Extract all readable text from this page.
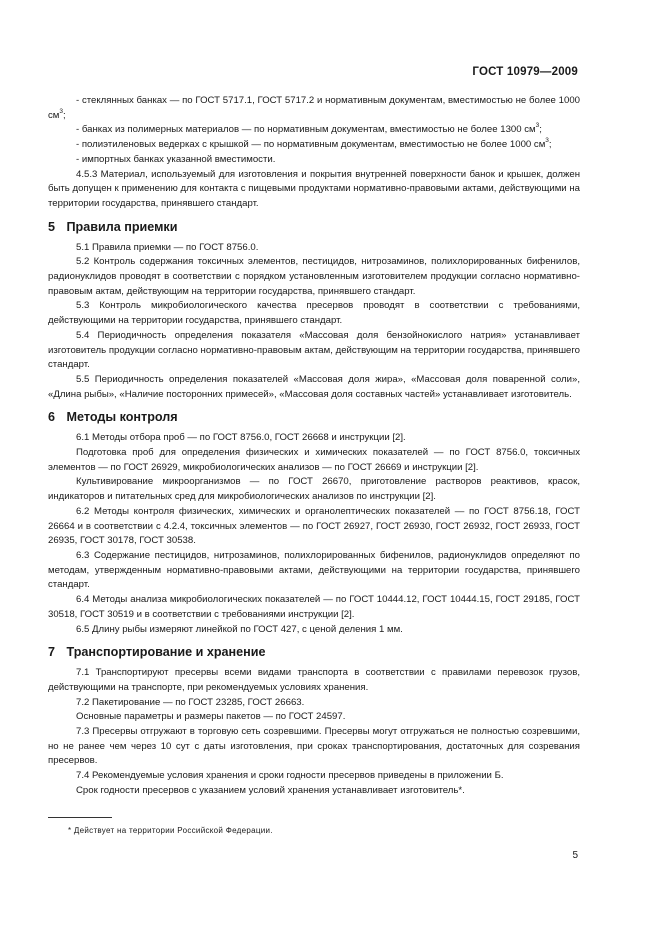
ГОСТ 10979—2009

- стеклянных банках — по ГОСТ 5717.1, ГОСТ 5717.2 и нормативным документам, вместимостью не более 1000 $см^3$;

- банках из полимерных материалов — по нормативным документам, вместимостью не более 1300 $см^3$;

- полиэтиленовых ведерках с крышкой — по нормативным документам, вместимостью не более 1000 $см^3$;

- импортных банках указанной вместимости.

4.5.3 Материал, используемый для изготовления и покрытия внутренней поверхности банок и крышек, должен быть допущен к применению для контакта с пищевыми продуктами нормативно-правовыми актами, действующими на территории государства, принявшего стандарт.

5 Правила приемки

5.1 Правила приемки — по ГОСТ 8756.0.

5.2 Контроль содержания токсичных элементов, пестицидов, нитрозаминов, полихлорированных бифенилов, радионуклидов проводят в соответствии с порядком установленным изготовителем продукции согласно нормативно-правовым актам, действующим на территории государства, принявшего стандарт.

5.3 Контроль микробиологического качества пресервов проводят в соответствии с требованиями, действующими на территории государства, принявшего стандарт.

5.4 Периодичность определения показателя «Массовая доля бензойнокислого натрия» устанавливает изготовитель продукции согласно нормативно-правовым актам, действующим на территории государства, принявшего стандарт.

5.5 Периодичность определения показателей «Массовая доля жира», «Массовая доля поваренной соли», «Длина рыбы», «Наличие посторонних примесей», «Массовая доля составных частей» устанавливает изготовитель.

6 Методы контроля

6.1 Методы отбора проб — по ГОСТ 8756.0, ГОСТ 26668 и инструкции [2].

Подготовка проб для определения физических и химических показателей — по ГОСТ 8756.0, токсичных элементов — по ГОСТ 26929, микробиологических анализов — по ГОСТ 26669 и инструкции [2].

Культивирование микроорганизмов — по ГОСТ 26670, приготовление растворов реактивов, красок, индикаторов и питательных сред для микробиологических анализов по инструкции [2].

6.2 Методы контроля физических, химических и органолептических показателей — по ГОСТ 8756.18, ГОСТ 26664 и в соответствии с 4.2.4, токсичных элементов — по ГОСТ 26927, ГОСТ 26930, ГОСТ 26932, ГОСТ 26933, ГОСТ 26935, ГОСТ 30178, ГОСТ 30538.

6.3 Содержание пестицидов, нитрозаминов, полихлорированных бифенилов, радионуклидов определяют по методам, утвержденным нормативно-правовыми актами, действующими на территории государства, принявшего стандарт.

6.4 Методы анализа микробиологических показателей — по ГОСТ 10444.12, ГОСТ 10444.15, ГОСТ 29185, ГОСТ 30518, ГОСТ 30519 и в соответствии с требованиями инструкции [2].

6.5 Длину рыбы измеряют линейкой по ГОСТ 427, с ценой деления 1 мм.

7 Транспортирование и хранение

7.1 Транспортируют пресервы всеми видами транспорта в соответствии с правилами перевозок грузов, действующими на транспорте, при рекомендуемых условиях хранения.

7.2 Пакетирование — по ГОСТ 23285, ГОСТ 26663.

Основные параметры и размеры пакетов — по ГОСТ 24597.

7.3 Пресервы отгружают в торговую сеть созревшими. Пресервы могут отгружаться не полностью созревшими, но не ранее чем через 10 сут с даты изготовления, при сроках транспортирования, достаточных для созревания пресервов.

7.4 Рекомендуемые условия хранения и сроки годности пресервов приведены в приложении Б.

Срок годности пресервов с указанием условий хранения устанавливает изготовитель*.

* Действует на территории Российской Федерации.
5
